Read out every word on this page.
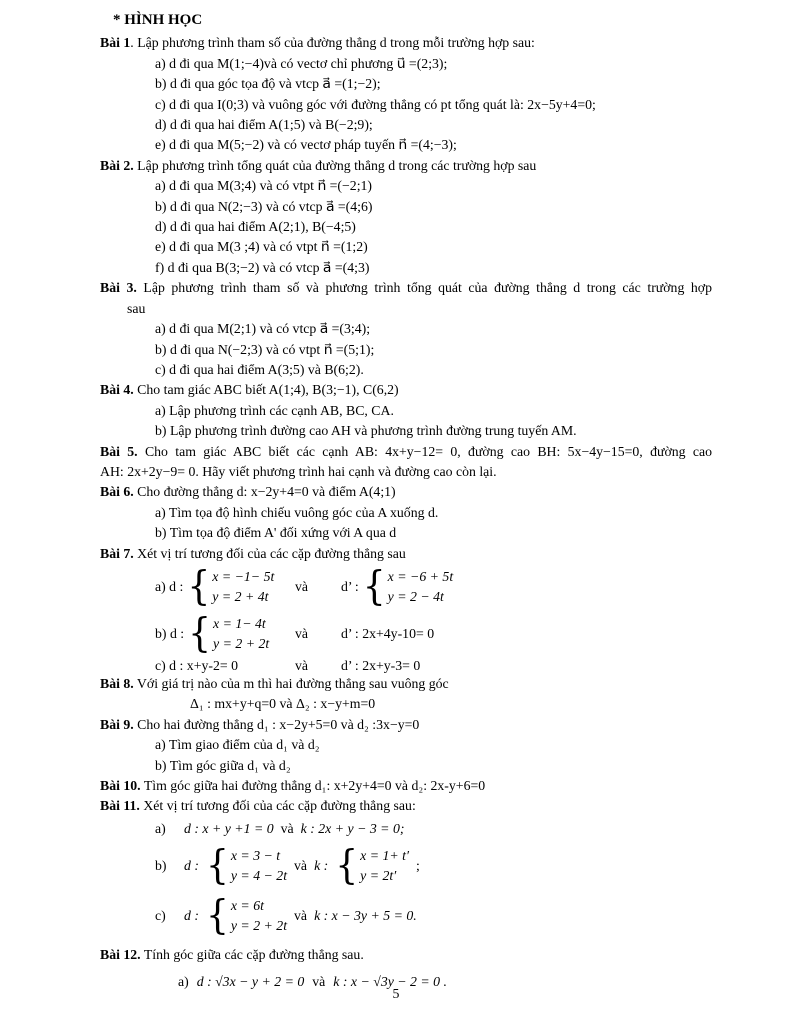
* HÌNH HỌC

Bài 1. Lập phương trình tham số của đường thẳng d trong mỗi trường hợp sau:

a) d đi qua M(1;−4)và có vectơ chỉ phương u⃗ =(2;3);

b) d đi qua góc tọa độ và vtcp a⃗ =(1;−2);

c) d đi qua I(0;3) và vuông góc với đường thẳng có pt tổng quát là: 2x−5y+4=0;

d) d đi qua hai điểm A(1;5) và B(−2;9);

e) d đi qua M(5;−2) và có vectơ pháp tuyến n⃗ =(4;−3);

Bài 2. Lập phương trình tổng quát của đường thẳng d trong các trường hợp sau

a) d đi qua M(3;4) và có vtpt n⃗ =(−2;1)

b) d đi qua N(2;−3) và có vtcp a⃗ =(4;6)

d) d đi qua hai điểm A(2;1), B(−4;5)

e) d đi qua M(3 ;4) và có vtpt n⃗ =(1;2)

f) d đi qua B(3;−2) và có vtcp a⃗ =(4;3)

Bài 3. Lập phương trình tham số và phương trình tổng quát của đường thẳng d trong các trường hợp

sau

a) d đi qua M(2;1) và có vtcp a⃗ =(3;4);

b) d đi qua N(−2;3) và có vtpt n⃗ =(5;1);

c) d đi qua hai điểm A(3;5) và B(6;2).

Bài 4. Cho tam giác ABC biết A(1;4), B(3;−1), C(6,2)

a) Lập phương trình các cạnh AB, BC, CA.

b) Lập phương trình đường cao AH và phương trình đường trung tuyến AM.

Bài 5. Cho tam giác ABC biết các cạnh AB: 4x+y−12= 0, đường cao BH: 5x−4y−15=0, đường cao

AH: 2x+2y−9= 0. Hãy viết phương trình hai cạnh và đường cao còn lại.

Bài 6. Cho đường thẳng d: x−2y+4=0 và điểm A(4;1)

a) Tìm tọa độ hình chiếu vuông góc của A xuống d.

b) Tìm tọa độ điểm A' đối xứng với A qua d

Bài 7. Xét vị trí tương đối của các cặp đường thẳng sau

a) d : { x = −1− 5t
y = 2 + 4t
và	d’ : { x = −6 + 5t
y = 2 − 4t
b) d : { x = 1− 4t
y = 2 + 2t
và	d’ : 2x+4y-10= 0
c) d : x+y-2= 0	và	d’ : 2x+y-3= 0

Bài 8. Với giá trị nào của m thì hai đường thẳng sau vuông góc

Δ₁ : mx+y+q=0 và Δ₂ : x−y+m=0

Bài 9. Cho hai đường thẳng d₁ : x−2y+5=0 và d₂ :3x−y=0

a) Tìm giao điểm của d₁ và d₂

b) Tìm góc giữa d₁ và d₂

Bài 10. Tìm góc giữa hai đường thẳng d₁: x+2y+4=0 và d₂: 2x-y+6=0

Bài 11. Xét vị trí tương đối của các cặp đường thẳng sau:

a)	d : x + y +1 = 0 và k : 2x + y − 3 = 0;
b)	d : { x = 3 − t
y = 4 − 2t
và k : { x = 1+ t′
y = 2t′
;
c)	d : { x = 6t
y = 2 + 2t
và k : x − 3y + 5 = 0.

Bài 12. Tính góc giữa các cặp đường thẳng sau.

a) d : √3x − y + 2 = 0 và k : x − √3y − 2 = 0 .

5
